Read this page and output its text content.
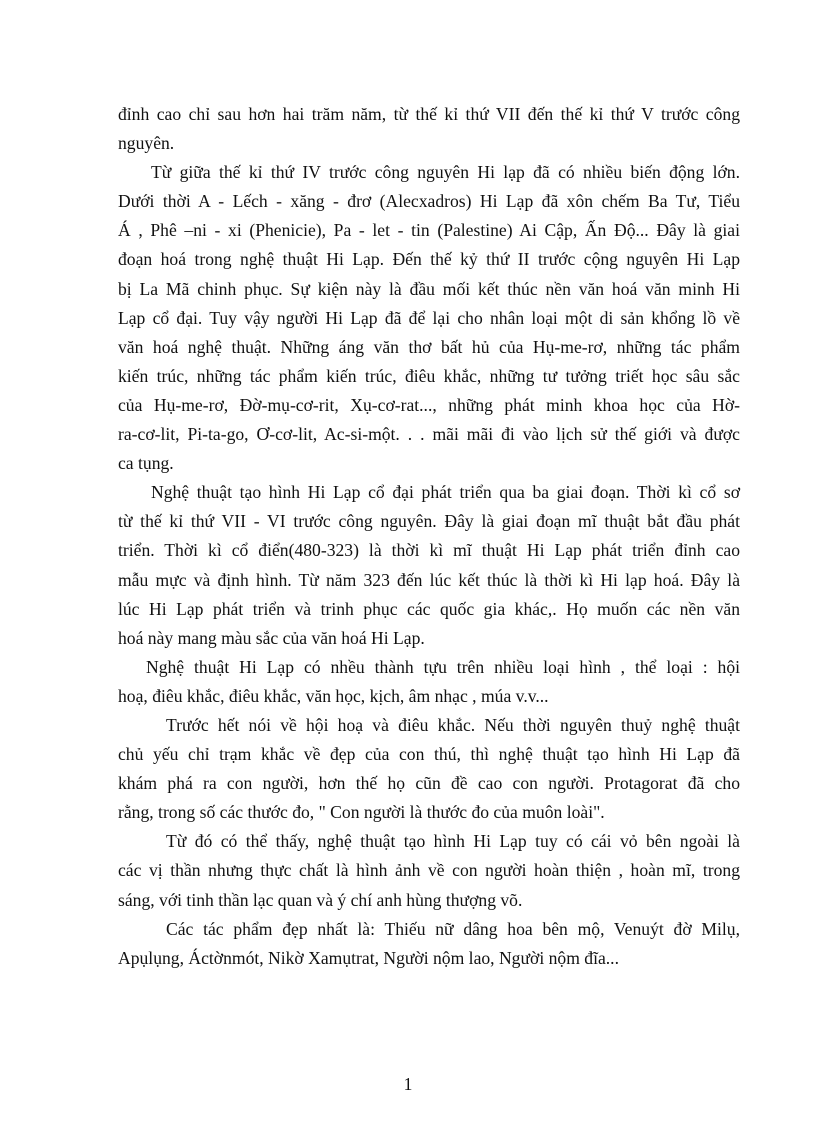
đỉnh cao chỉ sau hơn hai trăm năm, từ thế kỉ thứ VII đến thế kỉ thứ V trước công
nguyên.
Từ giữa thế kỉ thứ IV trước công nguyên Hi lạp đã có nhiều biến động lớn.
Dưới thời A - Lếch - xăng - đrơ (Alecxadros) Hi Lạp đã xôn chếm Ba Tư, Tiểu
Á , Phê –ni - xi (Phenicie), Pa - let - tin (Palestine) Ai Cập, Ấn Độ... Đây là giai
đoạn hoá trong nghệ thuật Hi Lạp. Đến thế kỷ thứ II trước cộng nguyên Hi Lạp
bị La Mã chinh phục. Sự kiện này là đầu mối kết thúc nền văn hoá văn minh Hi
Lạp cổ đại. Tuy vậy người Hi Lạp đã để lại cho nhân loại một di sản khổng lồ về
văn hoá nghệ thuật. Những áng văn thơ bất hủ của Hụ-me-rơ, những tác phẩm
kiến trúc, những tác phẩm kiến trúc, điêu khắc, những tư tưởng triết học sâu sắc
của Hụ-me-rơ, Đờ-mụ-cơ-rit, Xụ-cơ-rat..., những phát minh khoa học của Hờ-
ra-cơ-lit, Pi-ta-go, Ơ-cơ-lit, Ac-si-một. . . mãi mãi đi vào lịch sử thế giới và được
ca tụng.
Nghệ thuật tạo hình Hi Lạp cổ đại phát triển qua ba giai đoạn. Thời kì cổ sơ
từ thế kỉ thứ VII - VI trước công nguyên. Đây là giai đoạn mĩ thuật bắt đầu phát
triển. Thời kì cổ điển(480-323) là thời kì mĩ thuật Hi Lạp phát triển đỉnh cao
mẫu mực và định hình. Từ năm 323 đến lúc kết thúc là thời kì Hi lạp hoá. Đây là
lúc Hi Lạp phát triển và trinh phục các quốc gia khác,. Họ muốn các nền văn
hoá này mang màu sắc của văn hoá Hi Lạp.
Nghệ thuật Hi Lạp có nhều thành tựu trên nhiều loại hình , thể loại : hội
hoạ, điêu khắc, điêu khắc, văn học, kịch, âm nhạc , múa v.v...
Trước hết nói về hội hoạ và điêu khắc. Nếu thời nguyên thuỷ nghệ thuật
chủ yếu chỉ trạm khắc về đẹp của con thú, thì nghệ thuật tạo hình Hi Lạp đã
khám phá ra con người, hơn thế họ cũn đề cao con người. Protagorat đã cho
rằng, trong số các thước đo, " Con người là thước đo của muôn loài".
Từ đó có thể thấy, nghệ thuật tạo hình Hi Lạp tuy có cái vỏ bên ngoài là
các vị thần nhưng thực chất là hình ảnh về con người hoàn thiện , hoàn mĩ, trong
sáng, với tinh thần lạc quan và ý chí anh hùng thượng võ.
Các tác phẩm đẹp nhất là: Thiếu nữ dâng hoa bên mộ, Venuýt đờ Milụ,
Apụlụng, Áctờnmót, Nikờ Xamụtrat, Người nộm lao, Người nộm đĩa...
1
